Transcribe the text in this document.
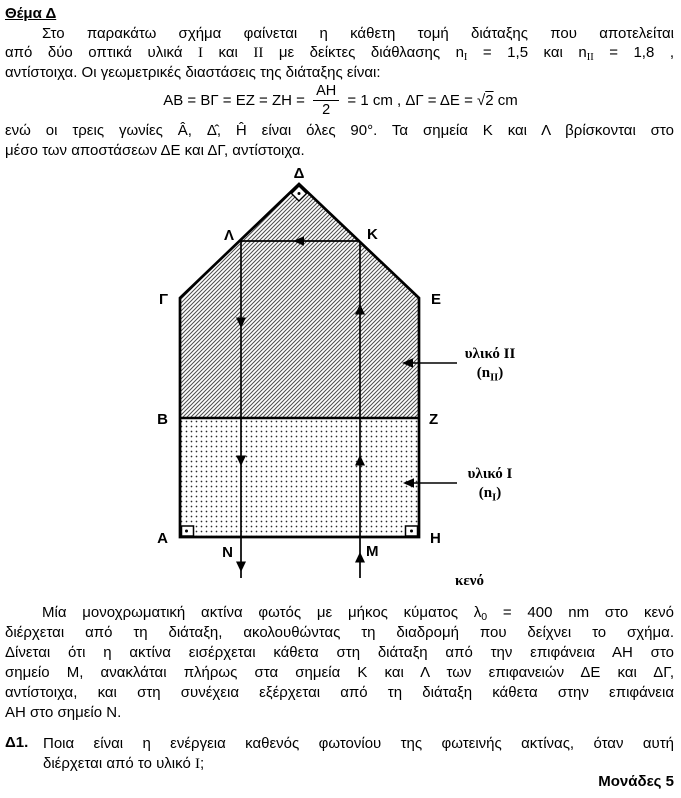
Θέμα Δ
Στο παρακάτω σχήμα φαίνεται η κάθετη τομή διάταξης που αποτελείται
από δύο οπτικά υλικά I και II με δείκτες διάθλασης $n_I = 1,5$ και $n_{II} = 1,8$ ,
αντίστοιχα. Οι γεωμετρικές διαστάσεις της διάταξης είναι:
$AB = B\Gamma = EZ = ZH = \frac{AH}{2} = 1$ cm , ΔΓ = ΔΕ = √2 cm
ενώ οι τρεις γωνίες Â, Δ̂, Ĥ είναι όλες 90°. Τα σημεία Κ και Λ βρίσκονται στο
μέσο των αποστάσεων ΔΕ και ΔΓ, αντίστοιχα.
Δ
Λ	Κ
Γ	Ε
Β	Ζ
Α	Η
Ν	Μ
υλικό II
$(n_{II})$
υλικό I
$(n_I)$
κενό
Μία μονοχρωματική ακτίνα φωτός με μήκος κύματος $\lambda_0 = 400$ nm στο κενό
διέρχεται από τη διάταξη, ακολουθώντας τη διαδρομή που δείχνει το σχήμα.
Δίνεται ότι η ακτίνα εισέρχεται κάθετα στη διάταξη από την επιφάνεια ΑΗ στο
σημείο Μ, ανακλάται πλήρως στα σημεία Κ και Λ των επιφανειών ΔΕ και ΔΓ,
αντίστοιχα, και στη συνέχεια εξέρχεται από τη διάταξη κάθετα στην επιφάνεια
ΑΗ στο σημείο Ν.
Δ1. Ποια είναι η ενέργεια καθενός φωτονίου της φωτεινής ακτίνας, όταν αυτή
διέρχεται από το υλικό I;
Μονάδες 5
